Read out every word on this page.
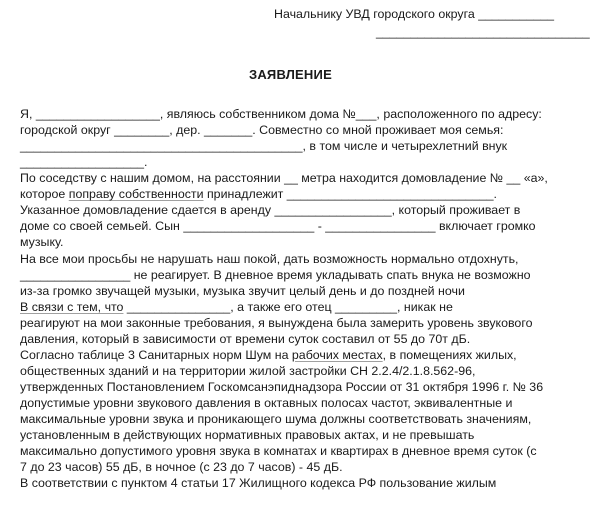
Начальнику УВД городского округа ___________
_______________________________
ЗАЯВЛЕНИЕ
Я, __________________, являюсь собственником дома №___, расположенного по адресу:
городской округ ________, дер. _______. Совместно со мной проживает моя семья:
_________________________________________, в том числе и четырехлетний внук
__________________.
По соседству с нашим домом, на расстоянии __ метра находится домовладение № __ «а»,
которое поправу собственности принадлежит ______________________________.
Указанное домовладение сдается в аренду _________________, который проживает в
доме со своей семьей. Сын ___________________ - ________________ включает громко
музыку.
На все мои просьбы не нарушать наш покой, дать возможность нормально отдохнуть,
________________ не реагирует. В дневное время укладывать спать внука не возможно
из-за громко звучащей музыки, музыка звучит целый день и до поздней ночи
В связи с тем, что _______________, а также его отец _________, никак не
реагируют на мои законные требования, я вынуждена была замерить уровень звукового
давления, который в зависимости от времени суток составил от 55 до 70т дБ.
Согласно таблице 3 Санитарных норм Шум на рабочих местах, в помещениях жилых,
общественных зданий и на территории жилой застройки СН 2.2.4/2.1.8.562-96,
утвержденных Постановлением Госкомсанэпиднадзора России от 31 октября 1996 г. № 36
допустимые уровни звукового давления в октавных полосах частот, эквивалентные и
максимальные уровни звука и проникающего шума должны соответствовать значениям,
установленным в действующих нормативных правовых актах, и не превышать
максимально допустимого уровня звука в комнатах и квартирах в дневное время суток (с
7 до 23 часов) 55 дБ, в ночное (с 23 до 7 часов) - 45 дБ.
В соответствии с пунктом 4 статьи 17 Жилищного кодекса РФ пользование жилым
